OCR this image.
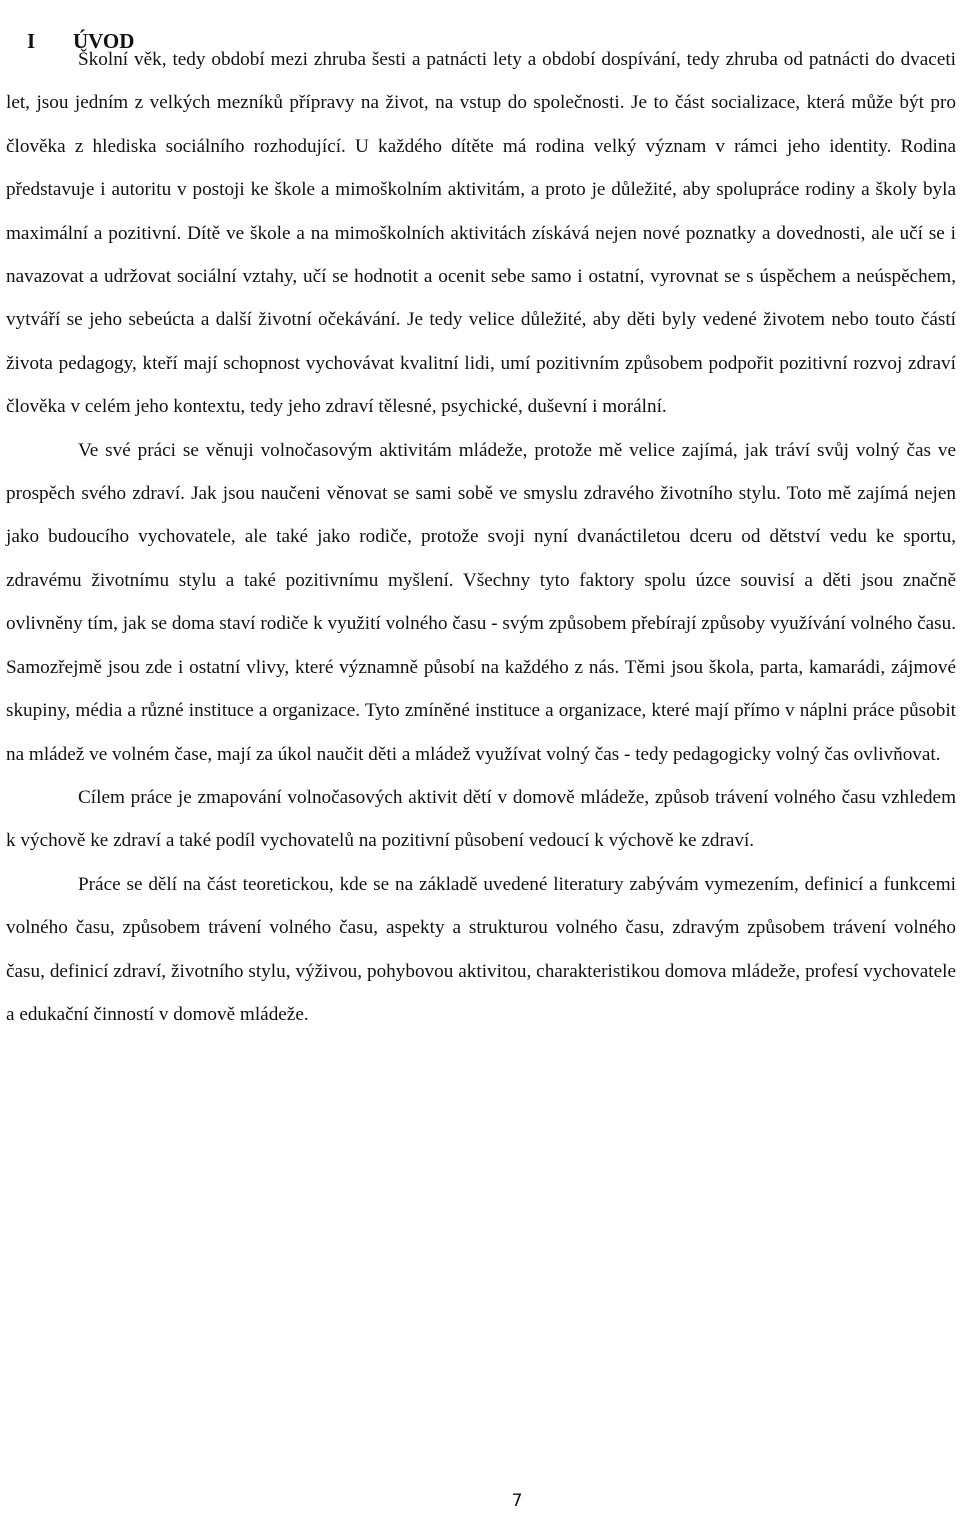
I ÚVOD

Školní věk, tedy období mezi zhruba šesti a patnácti lety a období dospívání, tedy zhruba od patnácti do dvaceti let, jsou jedním z velkých mezníků přípravy na život, na vstup do společnosti. Je to část socializace, která může být pro člověka z hlediska sociálního rozhodující. U každého dítěte má rodina velký význam v rámci jeho identity. Rodina představuje i autoritu v postoji ke škole a mimoškolním aktivitám, a proto je důležité, aby spolupráce rodiny a školy byla maximální a pozitivní. Dítě ve škole a na mimoškolních aktivitách získává nejen nové poznatky a dovednosti, ale učí se i navazovat a udržovat sociální vztahy, učí se hodnotit a ocenit sebe samo i ostatní, vyrovnat se s úspěchem a neúspěchem, vytváří se jeho sebeúcta a další životní očekávání. Je tedy velice důležité, aby děti byly vedené životem nebo touto částí života pedagogy, kteří mají schopnost vychovávat kvalitní lidi, umí pozitivním způsobem podpořit pozitivní rozvoj zdraví člověka v celém jeho kontextu, tedy jeho zdraví tělesné, psychické, duševní i morální.

Ve své práci se věnuji volnočasovým aktivitám mládeže, protože mě velice zajímá, jak tráví svůj volný čas ve prospěch svého zdraví. Jak jsou naučeni věnovat se sami sobě ve smyslu zdravého životního stylu. Toto mě zajímá nejen jako budoucího vychovatele, ale také jako rodiče, protože svoji nyní dvanáctiletou dceru od dětství vedu ke sportu, zdravému životnímu stylu a také pozitivnímu myšlení. Všechny tyto faktory spolu úzce souvisí a děti jsou značně ovlivněny tím, jak se doma staví rodiče k využití volného času - svým způsobem přebírají způsoby využívání volného času. Samozřejmě jsou zde i ostatní vlivy, které významně působí na každého z nás. Těmi jsou škola, parta, kamarádi, zájmové skupiny, média a různé instituce a organizace. Tyto zmíněné instituce a organizace, které mají přímo v náplni práce působit na mládež ve volném čase, mají za úkol naučit děti a mládež využívat volný čas - tedy pedagogicky volný čas ovlivňovat.

Cílem práce je zmapování volnočasových aktivit dětí v domově mládeže, způsob trávení volného času vzhledem k výchově ke zdraví a také podíl vychovatelů na pozitivní působení vedoucí k výchově ke zdraví.

Práce se dělí na část teoretickou, kde se na základě uvedené literatury zabývám vymezením, definicí a funkcemi volného času, způsobem trávení volného času, aspekty a strukturou volného času, zdravým způsobem trávení volného času, definicí zdraví, životního stylu, výživou, pohybovou aktivitou, charakteristikou domova mládeže, profesí vychovatele a edukační činností v domově mládeže.

7
